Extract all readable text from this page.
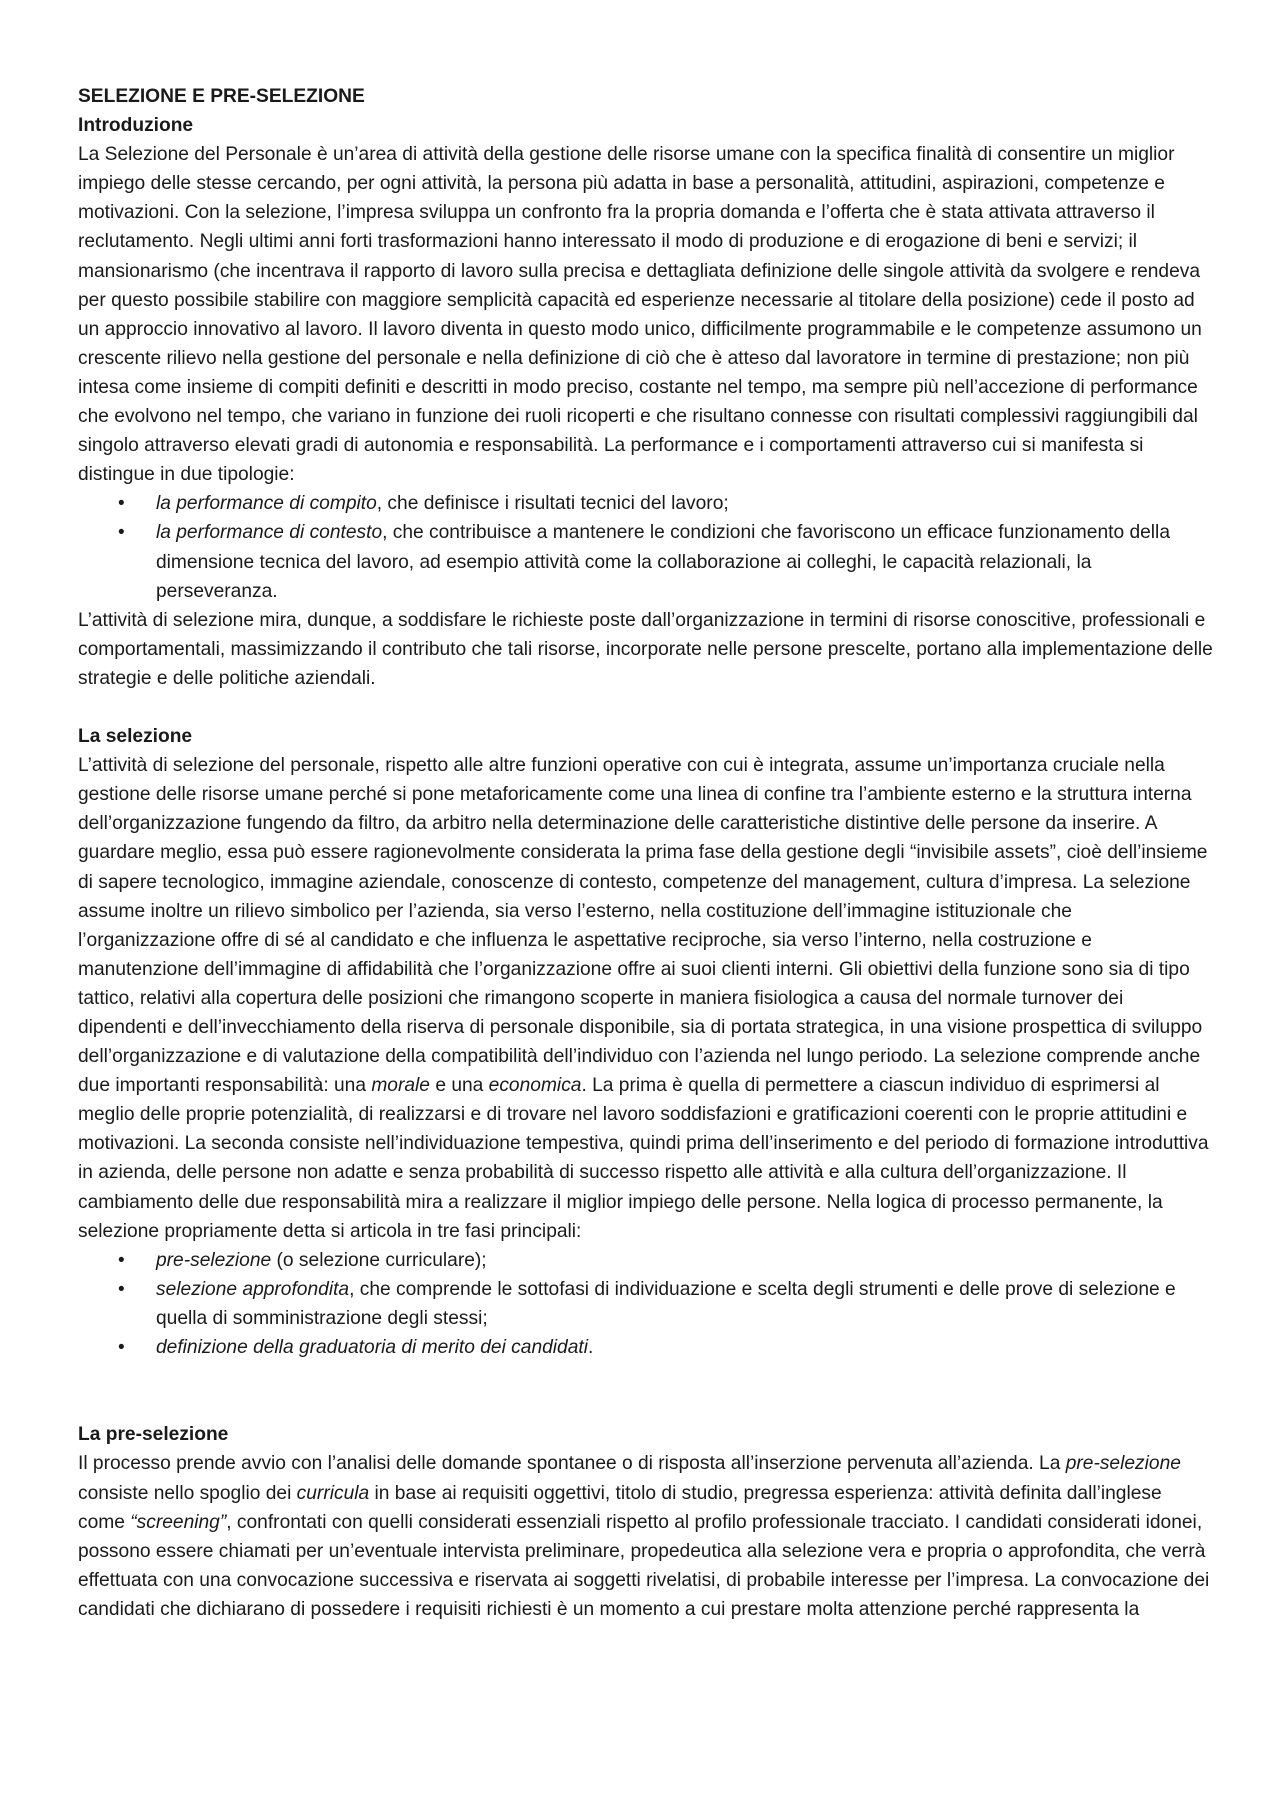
SELEZIONE E PRE-SELEZIONE

Introduzione

La Selezione del Personale è un’area di attività della gestione delle risorse umane con la specifica finalità di consentire un miglior impiego delle stesse cercando, per ogni attività, la persona più adatta in base a personalità, attitudini, aspirazioni, competenze e motivazioni. Con la selezione, l’impresa sviluppa un confronto fra la propria domanda e l’offerta che è stata attivata attraverso il reclutamento. Negli ultimi anni forti trasformazioni hanno interessato il modo di produzione e di erogazione di beni e servizi; il mansionarismo (che incentrava il rapporto di lavoro sulla precisa e dettagliata definizione delle singole attività da svolgere e rendeva per questo possibile stabilire con maggiore semplicità capacità ed esperienze necessarie al titolare della posizione) cede il posto ad un approccio innovativo al lavoro. Il lavoro diventa in questo modo unico, difficilmente programmabile e le competenze assumono un crescente rilievo nella gestione del personale e nella definizione di ciò che è atteso dal lavoratore in termine di prestazione; non più intesa come insieme di compiti definiti e descritti in modo preciso, costante nel tempo, ma sempre più nell’accezione di performance che evolvono nel tempo, che variano in funzione dei ruoli ricoperti e che risultano connesse con risultati complessivi raggiungibili dal singolo attraverso elevati gradi di autonomia e responsabilità. La performance e i comportamenti attraverso cui si manifesta si distingue in due tipologie:

• la performance di compito, che definisce i risultati tecnici del lavoro;
• la performance di contesto, che contribuisce a mantenere le condizioni che favoriscono un efficace funzionamento della dimensione tecnica del lavoro, ad esempio attività come la collaborazione ai colleghi, le capacità relazionali, la perseveranza.

L’attività di selezione mira, dunque, a soddisfare le richieste poste dall’organizzazione in termini di risorse conoscitive, professionali e comportamentali, massimizzando il contributo che tali risorse, incorporate nelle persone prescelte, portano alla implementazione delle strategie e delle politiche aziendali.

La selezione

L’attività di selezione del personale, rispetto alle altre funzioni operative con cui è integrata, assume un’importanza cruciale nella gestione delle risorse umane perché si pone metaforicamente come una linea di confine tra l’ambiente esterno e la struttura interna dell’organizzazione fungendo da filtro, da arbitro nella determinazione delle caratteristiche distintive delle persone da inserire. A guardare meglio, essa può essere ragionevolmente considerata la prima fase della gestione degli “invisibile assets”, cioè dell’insieme di sapere tecnologico, immagine aziendale, conoscenze di contesto, competenze del management, cultura d’impresa. La selezione assume inoltre un rilievo simbolico per l’azienda, sia verso l’esterno, nella costituzione dell’immagine istituzionale che l’organizzazione offre di sé al candidato e che influenza le aspettative reciproche, sia verso l’interno, nella costruzione e manutenzione dell’immagine di affidabilità che l’organizzazione offre ai suoi clienti interni. Gli obiettivi della funzione sono sia di tipo tattico, relativi alla copertura delle posizioni che rimangono scoperte in maniera fisiologica a causa del normale turnover dei dipendenti e dell’invecchiamento della riserva di personale disponibile, sia di portata strategica, in una visione prospettica di sviluppo dell’organizzazione e di valutazione della compatibilità dell’individuo con l’azienda nel lungo periodo. La selezione comprende anche due importanti responsabilità: una morale e una economica. La prima è quella di permettere a ciascun individuo di esprimersi al meglio delle proprie potenzialità, di realizzarsi e di trovare nel lavoro soddisfazioni e gratificazioni coerenti con le proprie attitudini e motivazioni. La seconda consiste nell’individuazione tempestiva, quindi prima dell’inserimento e del periodo di formazione introduttiva in azienda, delle persone non adatte e senza probabilità di successo rispetto alle attività e alla cultura dell’organizzazione. Il cambiamento delle due responsabilità mira a realizzare il miglior impiego delle persone. Nella logica di processo permanente, la selezione propriamente detta si articola in tre fasi principali:

• pre-selezione (o selezione curriculare);
• selezione approfondita, che comprende le sottofasi di individuazione e scelta degli strumenti e delle prove di selezione e quella di somministrazione degli stessi;
• definizione della graduatoria di merito dei candidati.

La pre-selezione

Il processo prende avvio con l’analisi delle domande spontanee o di risposta all’inserzione pervenuta all’azienda. La pre-selezione consiste nello spoglio dei curricula in base ai requisiti oggettivi, titolo di studio, pregressa esperienza: attività definita dall’inglese come “screening”, confrontati con quelli considerati essenziali rispetto al profilo professionale tracciato. I candidati considerati idonei, possono essere chiamati per un’eventuale intervista preliminare, propedeutica alla selezione vera e propria o approfondita, che verrà effettuata con una convocazione successiva e riservata ai soggetti rivelatisi, di probabile interesse per l’impresa. La convocazione dei candidati che dichiarano di possedere i requisiti richiesti è un momento a cui prestare molta attenzione perché rappresenta la
